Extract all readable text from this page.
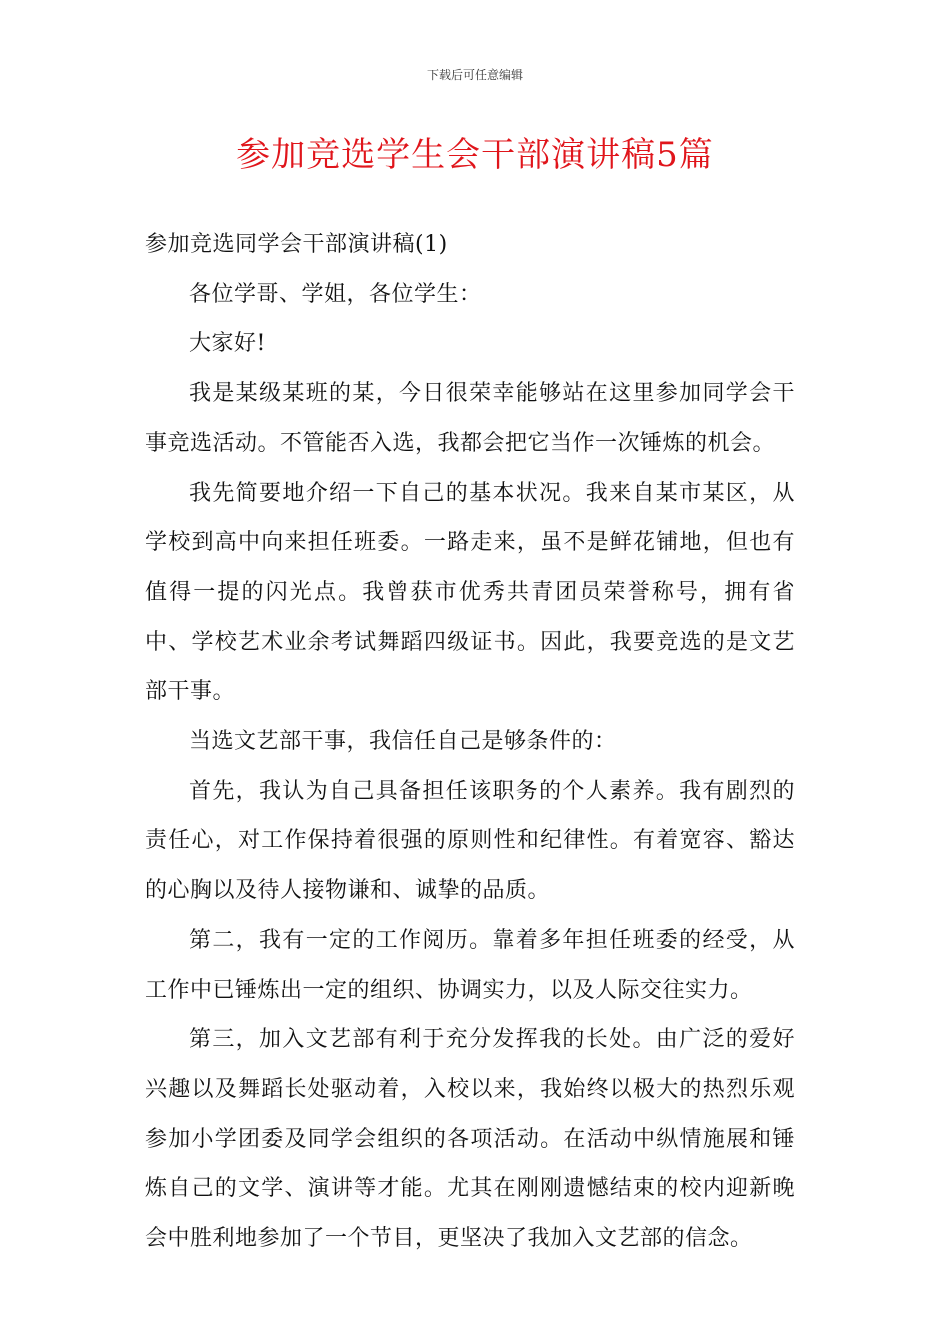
下载后可任意编辑
参加竞选学生会干部演讲稿5篇

参加竞选同学会干部演讲稿(1)

各位学哥、学姐，各位学生：

大家好!

我是某级某班的某，今日很荣幸能够站在这里参加同学会干事竞选活动。不管能否入选，我都会把它当作一次锤炼的机会。

我先简要地介绍一下自己的基本状况。我来自某市某区，从学校到高中向来担任班委。一路走来，虽不是鲜花铺地，但也有值得一提的闪光点。我曾获市优秀共青团员荣誉称号，拥有省中、学校艺术业余考试舞蹈四级证书。因此，我要竞选的是文艺部干事。

当选文艺部干事，我信任自己是够条件的：

首先，我认为自己具备担任该职务的个人素养。我有剧烈的责任心，对工作保持着很强的原则性和纪律性。有着宽容、豁达的心胸以及待人接物谦和、诚挚的品质。

第二，我有一定的工作阅历。靠着多年担任班委的经受，从工作中已锤炼出一定的组织、协调实力，以及人际交往实力。

第三，加入文艺部有利于充分发挥我的长处。由广泛的爱好兴趣以及舞蹈长处驱动着，入校以来，我始终以极大的热烈乐观参加小学团委及同学会组织的各项活动。在活动中纵情施展和锤炼自己的文学、演讲等才能。尤其在刚刚遗憾结束的校内迎新晚会中胜利地参加了一个节目，更坚决了我加入文艺部的信念。
